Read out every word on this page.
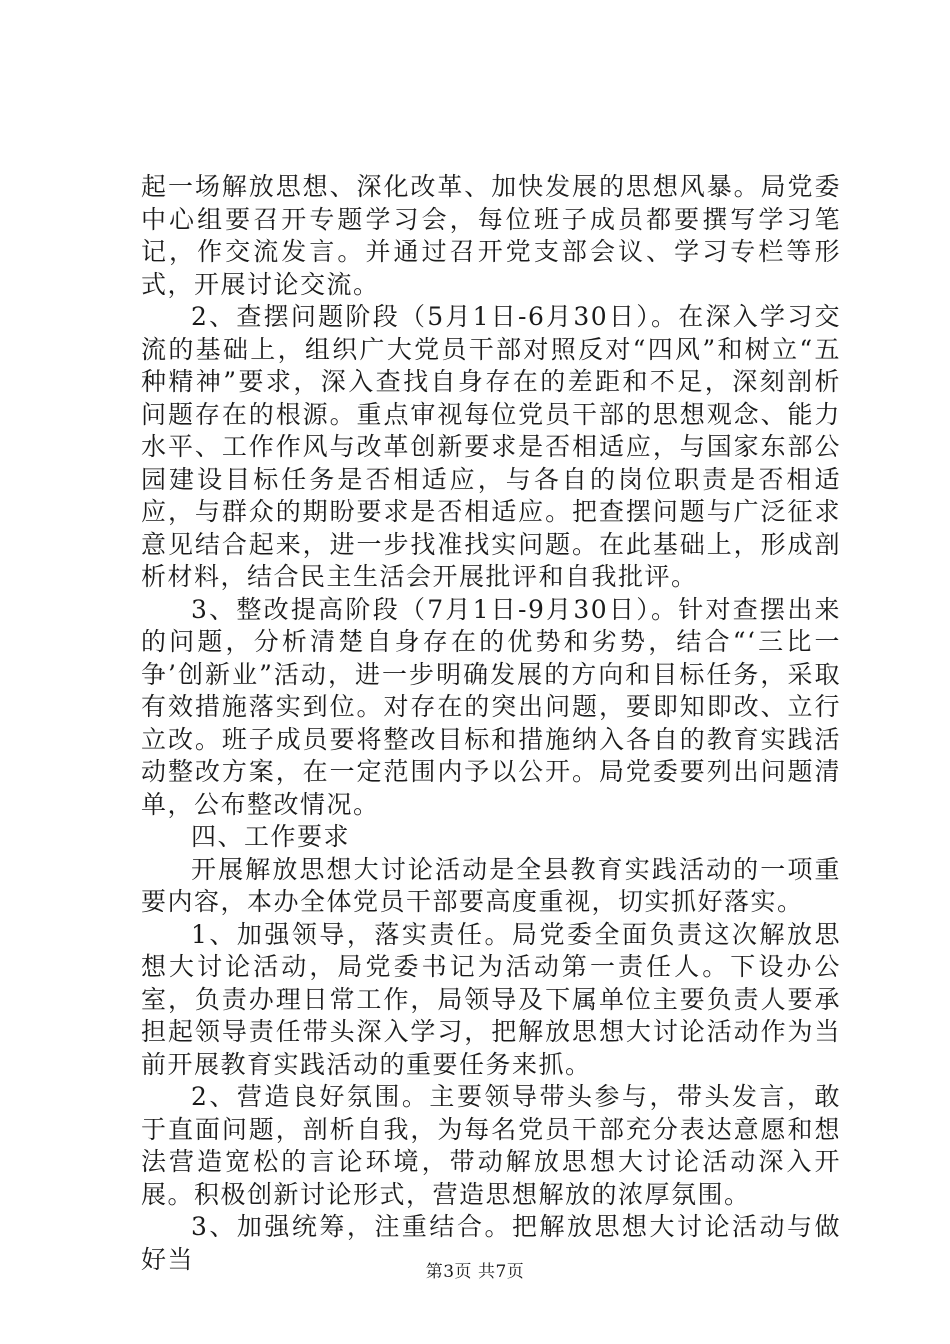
起一场解放思想、深化改革、加快发展的思想风暴。局党委中心组要召开专题学习会，每位班子成员都要撰写学习笔记，作交流发言。并通过召开党支部会议、学习专栏等形式，开展讨论交流。

2、查摆问题阶段（5月1日-6月30日）。在深入学习交流的基础上，组织广大党员干部对照反对“四风”和树立“五种精神”要求，深入查找自身存在的差距和不足，深刻剖析问题存在的根源。重点审视每位党员干部的思想观念、能力水平、工作作风与改革创新要求是否相适应，与国家东部公园建设目标任务是否相适应，与各自的岗位职责是否相适应，与群众的期盼要求是否相适应。把查摆问题与广泛征求意见结合起来，进一步找准找实问题。在此基础上，形成剖析材料，结合民主生活会开展批评和自我批评。

3、整改提高阶段（7月1日-9月30日）。针对查摆出来的问题，分析清楚自身存在的优势和劣势，结合“‘三比一争’创新业”活动，进一步明确发展的方向和目标任务，采取有效措施落实到位。对存在的突出问题，要即知即改、立行立改。班子成员要将整改目标和措施纳入各自的教育实践活动整改方案，在一定范围内予以公开。局党委要列出问题清单，公布整改情况。

四、工作要求

开展解放思想大讨论活动是全县教育实践活动的一项重要内容，本办全体党员干部要高度重视，切实抓好落实。

1、加强领导，落实责任。局党委全面负责这次解放思想大讨论活动，局党委书记为活动第一责任人。下设办公室，负责办理日常工作，局领导及下属单位主要负责人要承担起领导责任带头深入学习，把解放思想大讨论活动作为当前开展教育实践活动的重要任务来抓。

2、营造良好氛围。主要领导带头参与，带头发言，敢于直面问题，剖析自我，为每名党员干部充分表达意愿和想法营造宽松的言论环境，带动解放思想大讨论活动深入开展。积极创新讨论形式，营造思想解放的浓厚氛围。

3、加强统筹，注重结合。把解放思想大讨论活动与做好当	第3页 共7页
